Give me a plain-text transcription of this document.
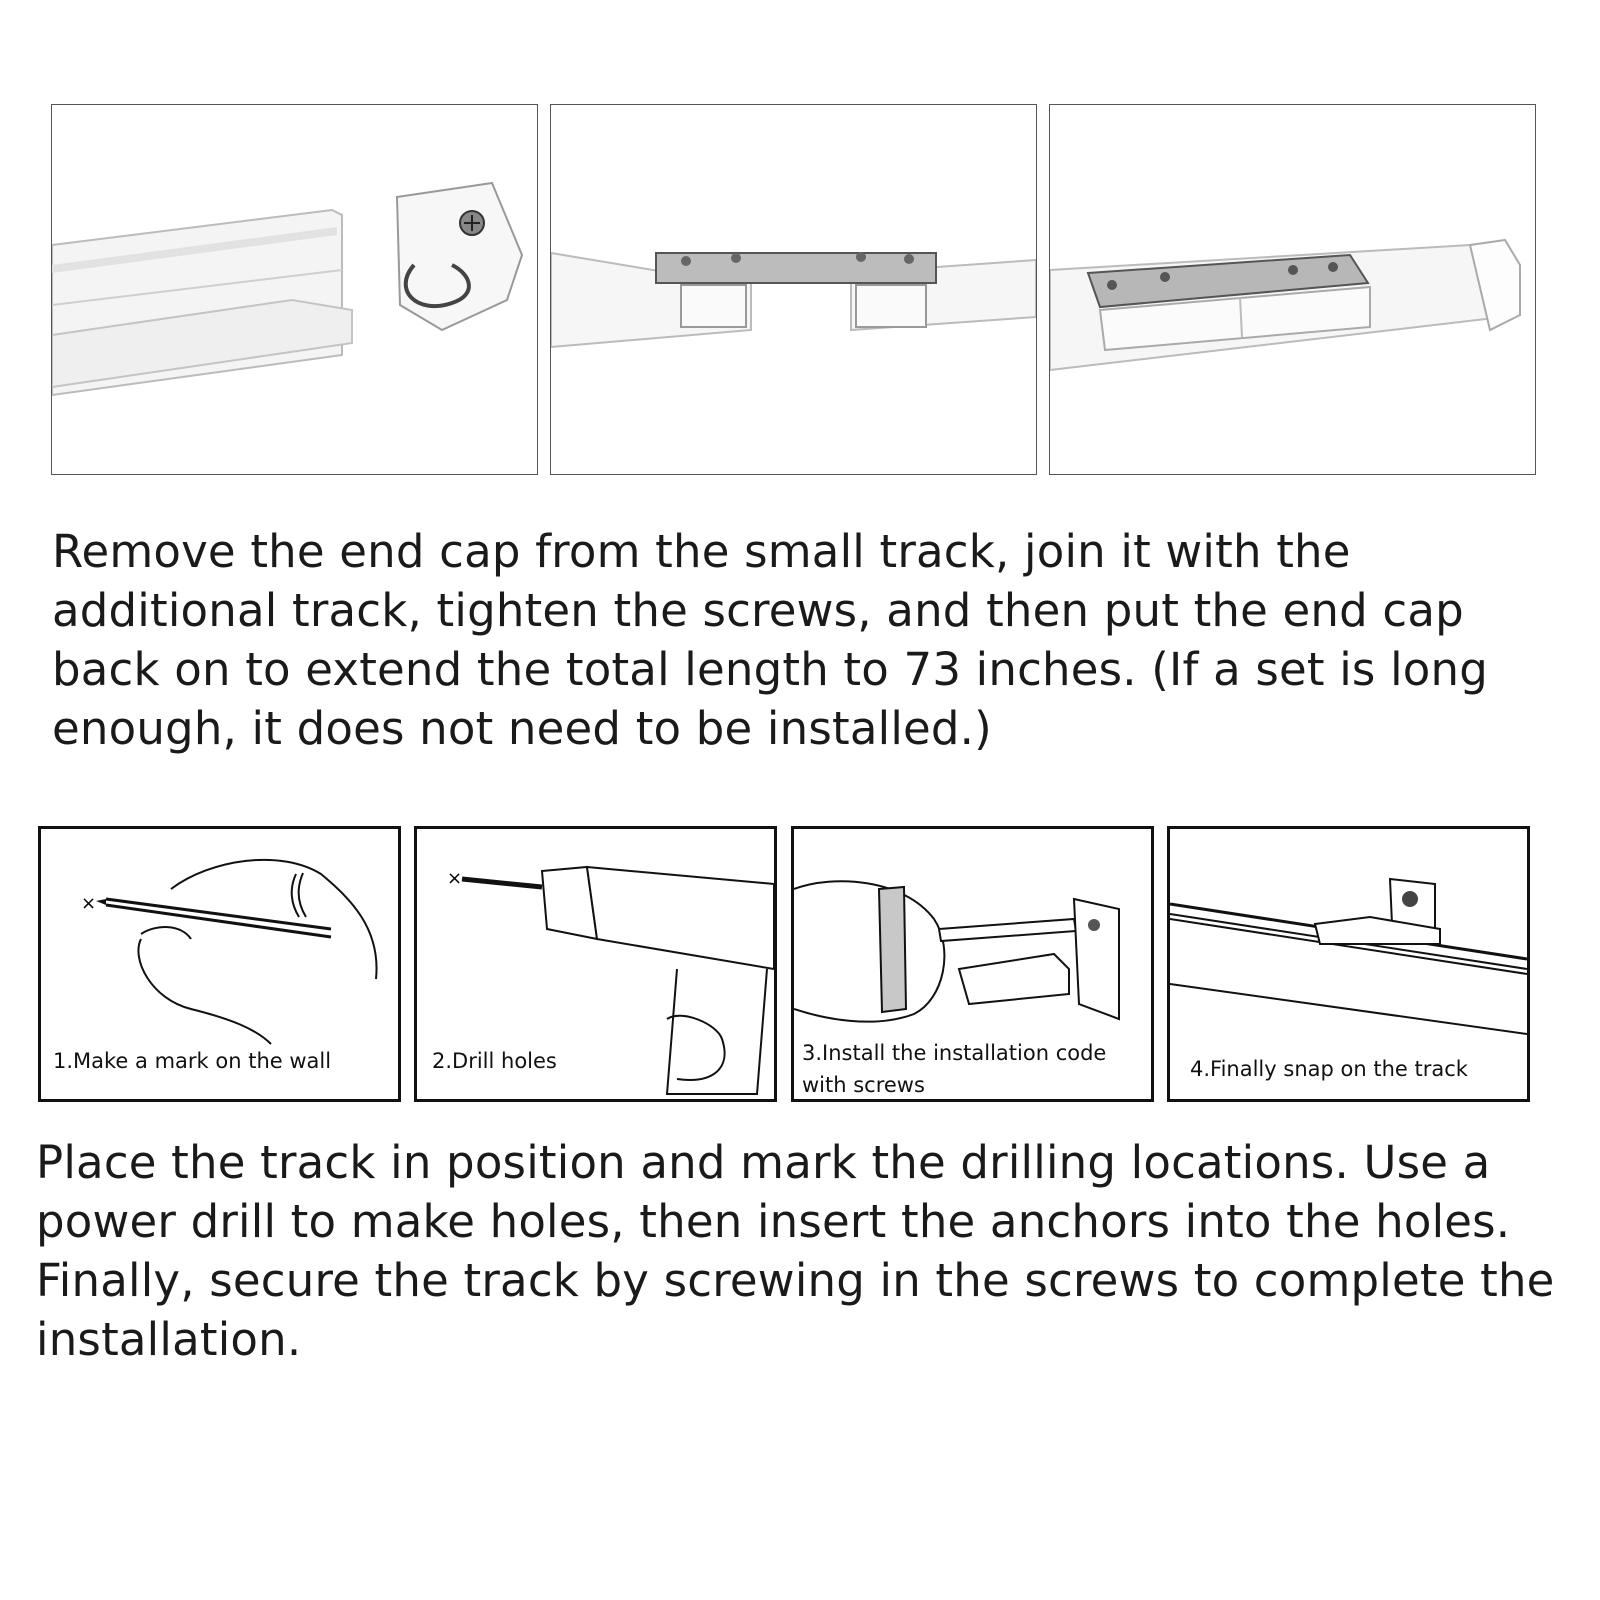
Remove the end cap from the small track, join it with the additional track, tighten the screws, and then put the end cap back on to extend the total length to 73 inches. (If a set is long enough, it does not need to be installed.)

×
1.Make a mark on the wall
×
2.Drill holes	3.Install the installation code with screws
4.Finally snap on the track

Place the track in position and mark the drilling locations. Use a power drill to make holes, then insert the anchors into the holes. Finally, secure the track by screwing in the screws to complete the installation.
